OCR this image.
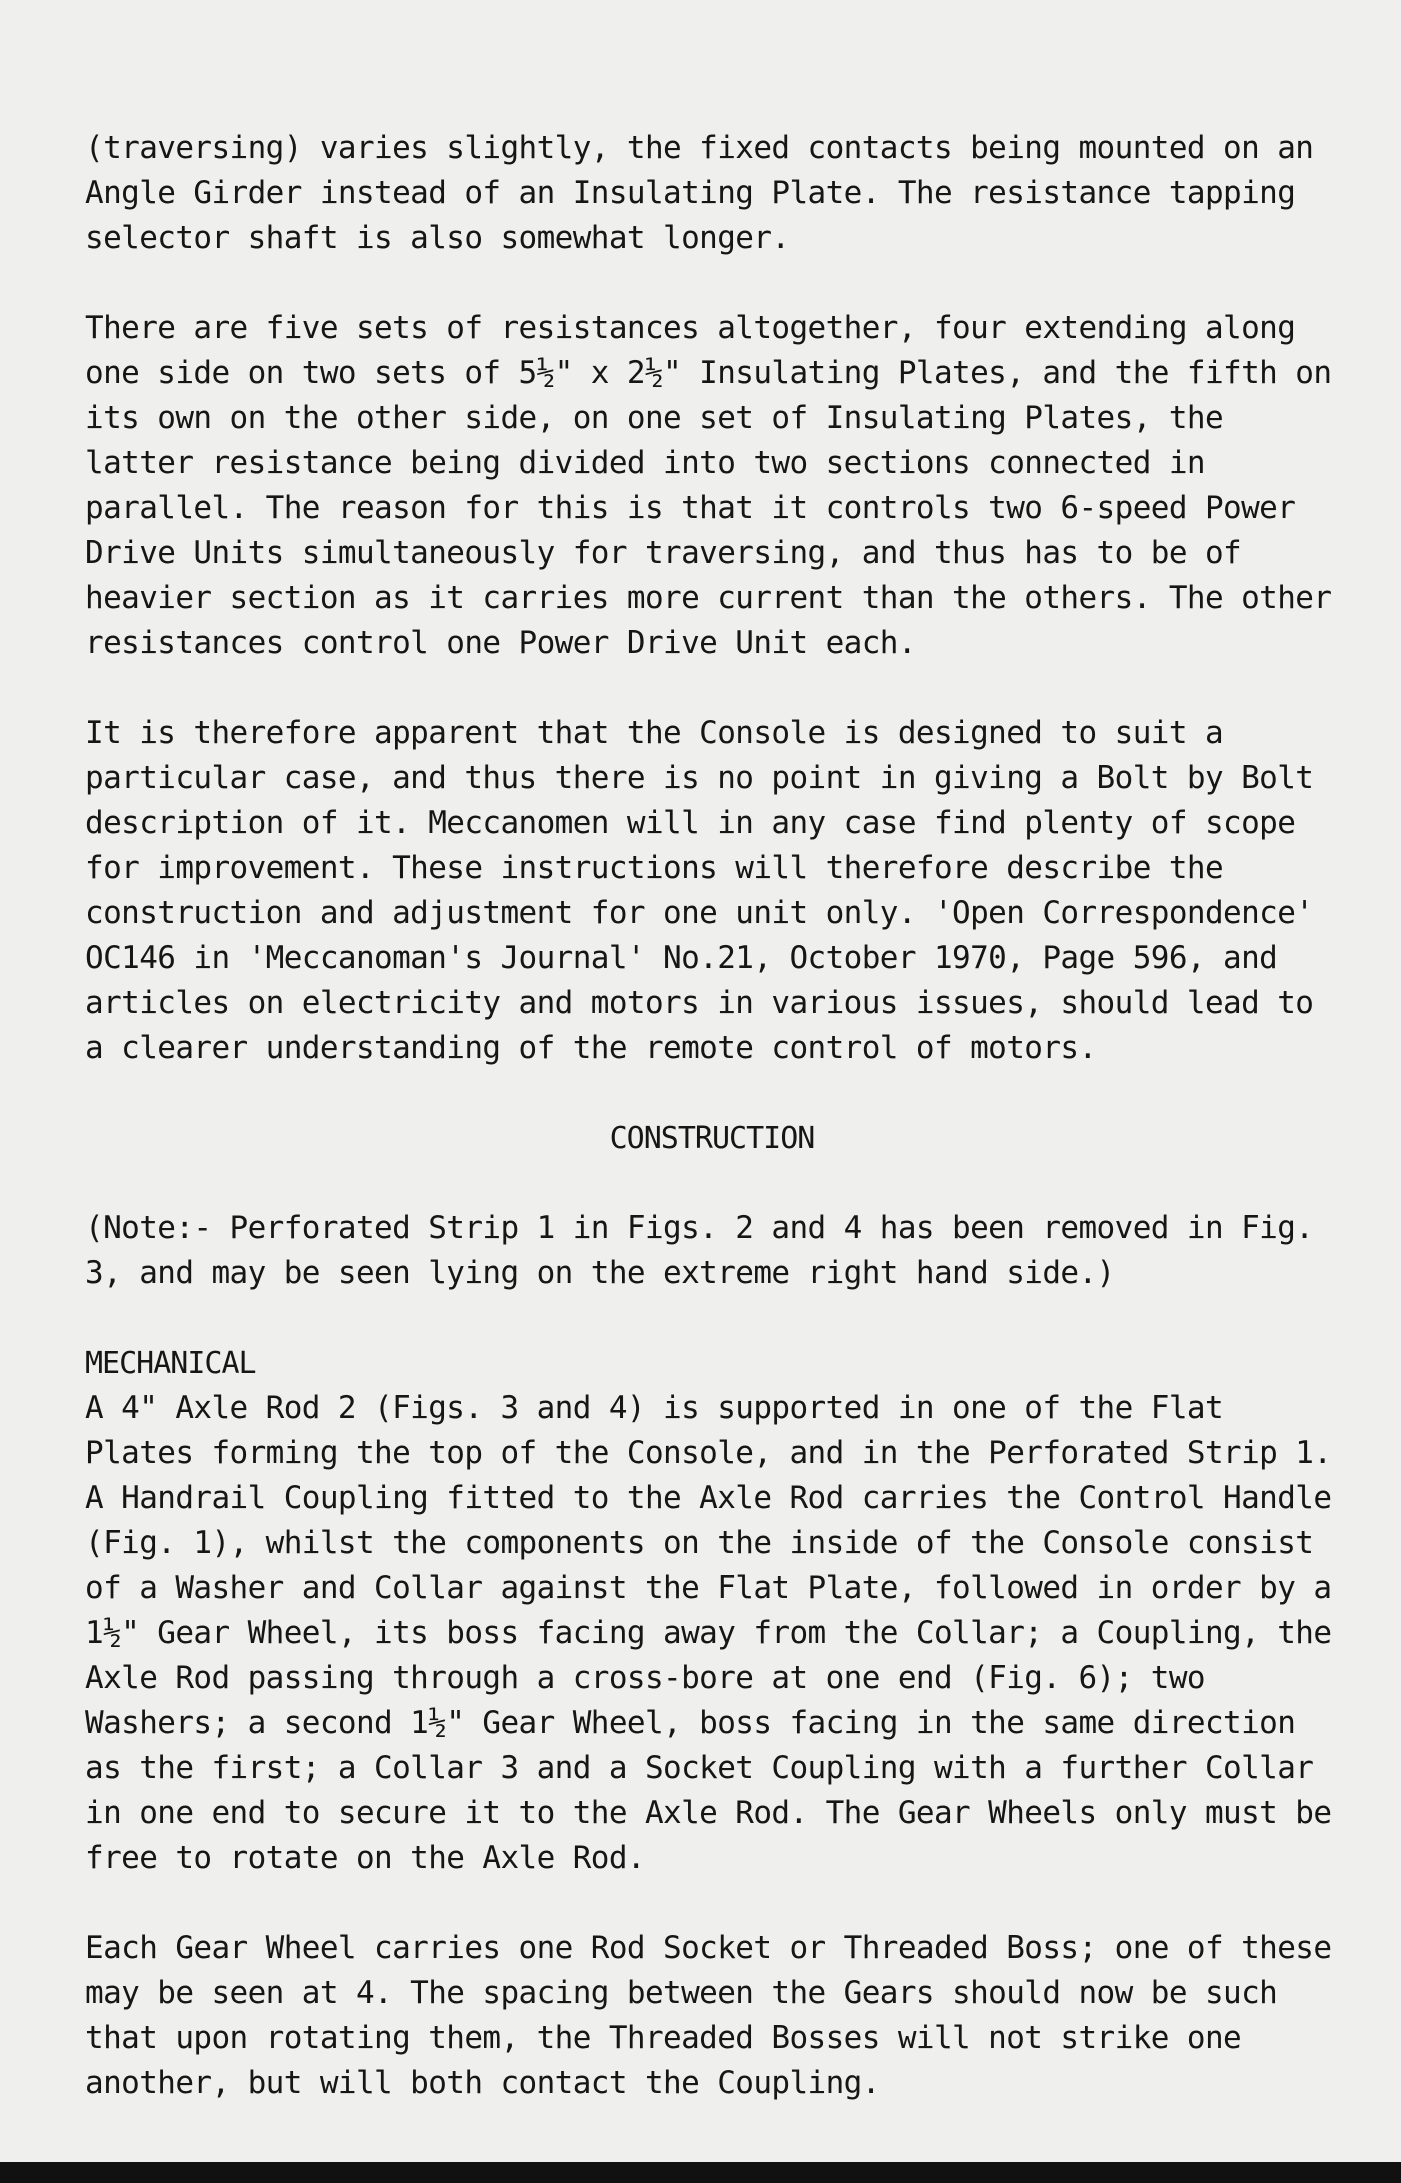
(traversing) varies slightly, the fixed contacts being mounted on an
Angle Girder instead of an Insulating Plate. The resistance tapping
selector shaft is also somewhat longer.

There are five sets of resistances altogether, four extending along
one side on two sets of 5½" x 2½" Insulating Plates, and the fifth on
its own on the other side, on one set of Insulating Plates, the
latter resistance being divided into two sections connected in
parallel. The reason for this is that it controls two 6-speed Power
Drive Units simultaneously for traversing, and thus has to be of
heavier section as it carries more current than the others. The other
resistances control one Power Drive Unit each.

It is therefore apparent that the Console is designed to suit a
particular case, and thus there is no point in giving a Bolt by Bolt
description of it. Meccanomen will in any case find plenty of scope
for improvement. These instructions will therefore describe the
construction and adjustment for one unit only. 'Open Correspondence'
OC146 in 'Meccanoman's Journal' No.21, October 1970, Page 596, and
articles on electricity and motors in various issues, should lead to
a clearer understanding of the remote control of motors.

CONSTRUCTION

(Note:- Perforated Strip 1 in Figs. 2 and 4 has been removed in Fig.
3, and may be seen lying on the extreme right hand side.)

MECHANICAL

A 4" Axle Rod 2 (Figs. 3 and 4) is supported in one of the Flat
Plates forming the top of the Console, and in the Perforated Strip 1.
A Handrail Coupling fitted to the Axle Rod carries the Control Handle
(Fig. 1), whilst the components on the inside of the Console consist
of a Washer and Collar against the Flat Plate, followed in order by a
1½" Gear Wheel, its boss facing away from the Collar; a Coupling, the
Axle Rod passing through a cross-bore at one end (Fig. 6); two
Washers; a second 1½" Gear Wheel, boss facing in the same direction
as the first; a Collar 3 and a Socket Coupling with a further Collar
in one end to secure it to the Axle Rod. The Gear Wheels only must be
free to rotate on the Axle Rod.

Each Gear Wheel carries one Rod Socket or Threaded Boss; one of these
may be seen at 4. The spacing between the Gears should now be such
that upon rotating them, the Threaded Bosses will not strike one
another, but will both contact the Coupling.
